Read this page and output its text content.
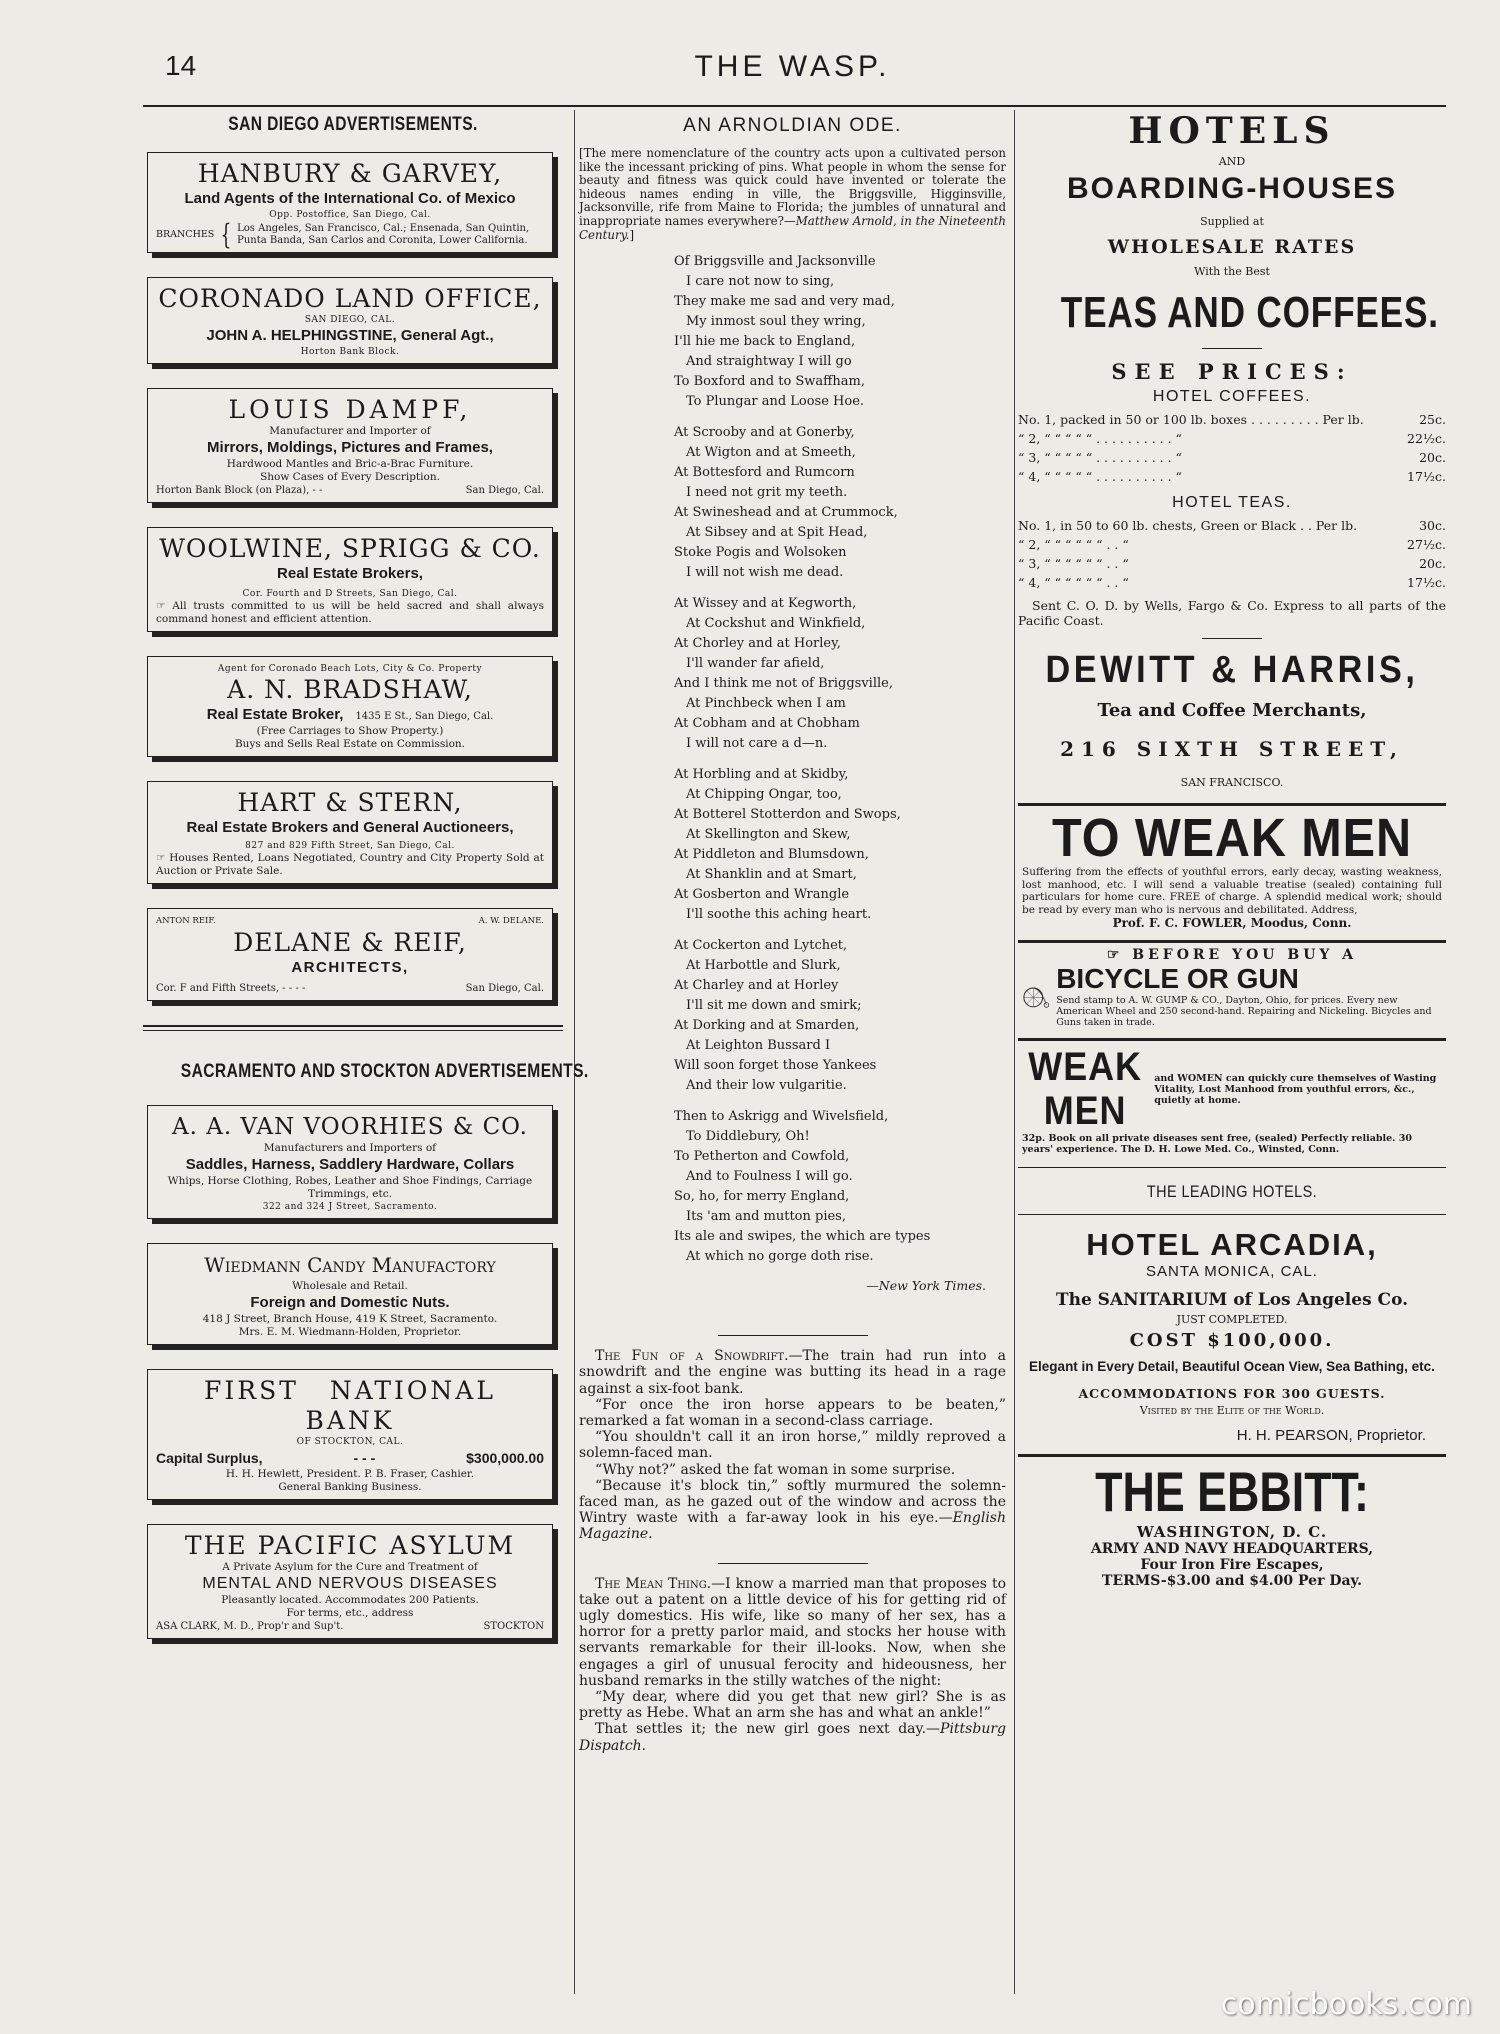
14	THE WASP.
SAN DIEGO ADVERTISEMENTS.
HANBURY & GARVEY,
Land Agents of the International Co. of Mexico
Opp. Postoffice, San Diego, Cal.
BRANCHES { Los Angeles, San Francisco, Cal.; Ensenada, San Quintin, Punta Banda, San Carlos and Coronita, Lower California.
CORONADO LAND OFFICE,
SAN DIEGO, CAL.
JOHN A. HELPHINGSTINE, General Agt.,
Horton Bank Block.
LOUIS DAMPF,
Manufacturer and Importer of
Mirrors, Moldings, Pictures and Frames,
Hardwood Mantles and Bric-a-Brac Furniture.
Show Cases of Every Description.
Horton Bank Block (on Plaza), - -	San Diego, Cal.
WOOLWINE, SPRIGG & CO.
Real Estate Brokers,
Cor. Fourth and D Streets, San Diego, Cal.
☞ All trusts committed to us will be held sacred and shall always command honest and efficient attention.
Agent for Coronado Beach Lots, City & Co. Property
A. N. BRADSHAW,
Real Estate Broker, 1435 E St., San Diego, Cal.
(Free Carriages to Show Property.)
Buys and Sells Real Estate on Commission.
HART & STERN,
Real Estate Brokers and General Auctioneers,
827 and 829 Fifth Street, San Diego, Cal.
☞ Houses Rented, Loans Negotiated, Country and City Property Sold at Auction or Private Sale.
ANTON REIF.	A. W. DELANE.
DELANE & REIF,
ARCHITECTS,
Cor. F and Fifth Streets, - - - -	San Diego, Cal.
SACRAMENTO AND STOCKTON ADVERTISEMENTS.
A. A. VAN VOORHIES & CO.
Manufacturers and Importers of
Saddles, Harness, Saddlery Hardware, Collars
Whips, Horse Clothing, Robes, Leather and Shoe Findings, Carriage Trimmings, etc.
322 and 324 J Street, Sacramento.
Wiedmann Candy Manufactory
Wholesale and Retail.
Foreign and Domestic Nuts.
418 J Street, Branch House, 419 K Street, Sacramento.
Mrs. E. M. Wiedmann-Holden, Proprietor.
FIRST NATIONAL BANK
OF STOCKTON, CAL.
Capital Surplus,	- - -	$300,000.00
H. H. Hewlett, President. P. B. Fraser, Cashier.
General Banking Business.
THE PACIFIC ASYLUM
A Private Asylum for the Cure and Treatment of
MENTAL AND NERVOUS DISEASES
Pleasantly located. Accommodates 200 Patients.
For terms, etc., address
ASA CLARK, M. D., Prop'r and Sup't.	STOCKTON
AN ARNOLDIAN ODE.
[The mere nomenclature of the country acts upon a cultivated person like the incessant pricking of pins. What people in whom the sense for beauty and fitness was quick could have invented or tolerate the hideous names ending in ville, the Briggsville, Higginsville, Jacksonville, rife from Maine to Florida; the jumbles of unnatural and inappropriate names everywhere?—Matthew Arnold, in the Nineteenth Century.]
Of Briggsville and Jacksonville
I care not now to sing,
They make me sad and very mad,
My inmost soul they wring,
I'll hie me back to England,
And straightway I will go
To Boxford and to Swaffham,
To Plungar and Loose Hoe.
At Scrooby and at Gonerby,
At Wigton and at Smeeth,
At Bottesford and Rumcorn
I need not grit my teeth.
At Swineshead and at Crummock,
At Sibsey and at Spit Head,
Stoke Pogis and Wolsoken
I will not wish me dead.
At Wissey and at Kegworth,
At Cockshut and Winkfield,
At Chorley and at Horley,
I'll wander far afield,
And I think me not of Briggsville,
At Pinchbeck when I am
At Cobham and at Chobham
I will not care a d—n.
At Horbling and at Skidby,
At Chipping Ongar, too,
At Botterel Stotterdon and Swops,
At Skellington and Skew,
At Piddleton and Blumsdown,
At Shanklin and at Smart,
At Gosberton and Wrangle
I'll soothe this aching heart.
At Cockerton and Lytchet,
At Harbottle and Slurk,
At Charley and at Horley
I'll sit me down and smirk;
At Dorking and at Smarden,
At Leighton Bussard I
Will soon forget those Yankees
And their low vulgaritie.
Then to Askrigg and Wivelsfield,
To Diddlebury, Oh!
To Petherton and Cowfold,
And to Foulness I will go.
So, ho, for merry England,
Its 'am and mutton pies,
Its ale and swipes, the which are types
At which no gorge doth rise.
—New York Times.

The Fun of a Snowdrift.—The train had run into a snowdrift and the engine was butting its head in a rage against a six-foot bank.

“For once the iron horse appears to be beaten,” remarked a fat woman in a second-class carriage.

“You shouldn't call it an iron horse,” mildly reproved a solemn-faced man.

“Why not?” asked the fat woman in some surprise.

“Because it's block tin,” softly murmured the solemn-faced man, as he gazed out of the window and across the Wintry waste with a far-away look in his eye.—English Magazine.

The Mean Thing.—I know a married man that proposes to take out a patent on a little device of his for getting rid of ugly domestics. His wife, like so many of her sex, has a horror for a pretty parlor maid, and stocks her house with servants remarkable for their ill-looks. Now, when she engages a girl of unusual ferocity and hideousness, her husband remarks in the stilly watches of the night:

“My dear, where did you get that new girl? She is as pretty as Hebe. What an arm she has and what an ankle!”

That settles it; the new girl goes next day.—Pittsburg Dispatch.

HOTELS
AND
BOARDING-HOUSES
Supplied at
WHOLESALE RATES
With the Best
TEAS AND COFFEES.
SEE PRICES:
HOTEL COFFEES.
No. 1, packed in 50 or 100 lb. boxes . . . . . . . . . Per lb.	25c.
“ 2, “ “ “ “ “ . . . . . . . . . . “	22½c.
“ 3, “ “ “ “ “ . . . . . . . . . . “	20c.
“ 4, “ “ “ “ “ . . . . . . . . . . “	17½c.
HOTEL TEAS.
No. 1, in 50 to 60 lb. chests, Green or Black . . Per lb.	30c.
“ 2, “ “ “ “ “ “ . . “	27½c.
“ 3, “ “ “ “ “ “ . . “	20c.
“ 4, “ “ “ “ “ “ . . “	17½c.
Sent C. O. D. by Wells, Fargo & Co. Express to all parts of the Pacific Coast.
DEWITT & HARRIS,
Tea and Coffee Merchants,
216 SIXTH STREET,
SAN FRANCISCO.
TO WEAK MEN
Suffering from the effects of youthful errors, early decay, wasting weakness, lost manhood, etc. I will send a valuable treatise (sealed) containing full particulars for home cure. FREE of charge. A splendid medical work; should be read by every man who is nervous and debilitated. Address,
Prof. F. C. FOWLER, Moodus, Conn.
☞ BEFORE YOU BUY A
BICYCLE OR GUN
Send stamp to A. W. GUMP & CO., Dayton, Ohio, for prices. Every new American Wheel and 250 second-hand. Repairing and Nickeling. Bicycles and Guns taken in trade.
WEAK MEN
and WOMEN can quickly cure themselves of Wasting Vitality, Lost Manhood from youthful errors, &c., quietly at home.
32p. Book on all private diseases sent free, (sealed) Perfectly reliable. 30 years' experience. The D. H. Lowe Med. Co., Winsted, Conn.
THE LEADING HOTELS.
HOTEL ARCADIA,
SANTA MONICA, CAL.
The SANITARIUM of Los Angeles Co.
JUST COMPLETED.
COST $100,000.
Elegant in Every Detail, Beautiful Ocean View, Sea Bathing, etc.
ACCOMMODATIONS FOR 300 GUESTS.
Visited by the Elite of the World.
H. H. PEARSON, Proprietor.
THE EBBITT:
WASHINGTON, D. C.
ARMY AND NAVY HEADQUARTERS,
Four Iron Fire Escapes,
TERMS-$3.00 and $4.00 Per Day.
comicbooks.com
